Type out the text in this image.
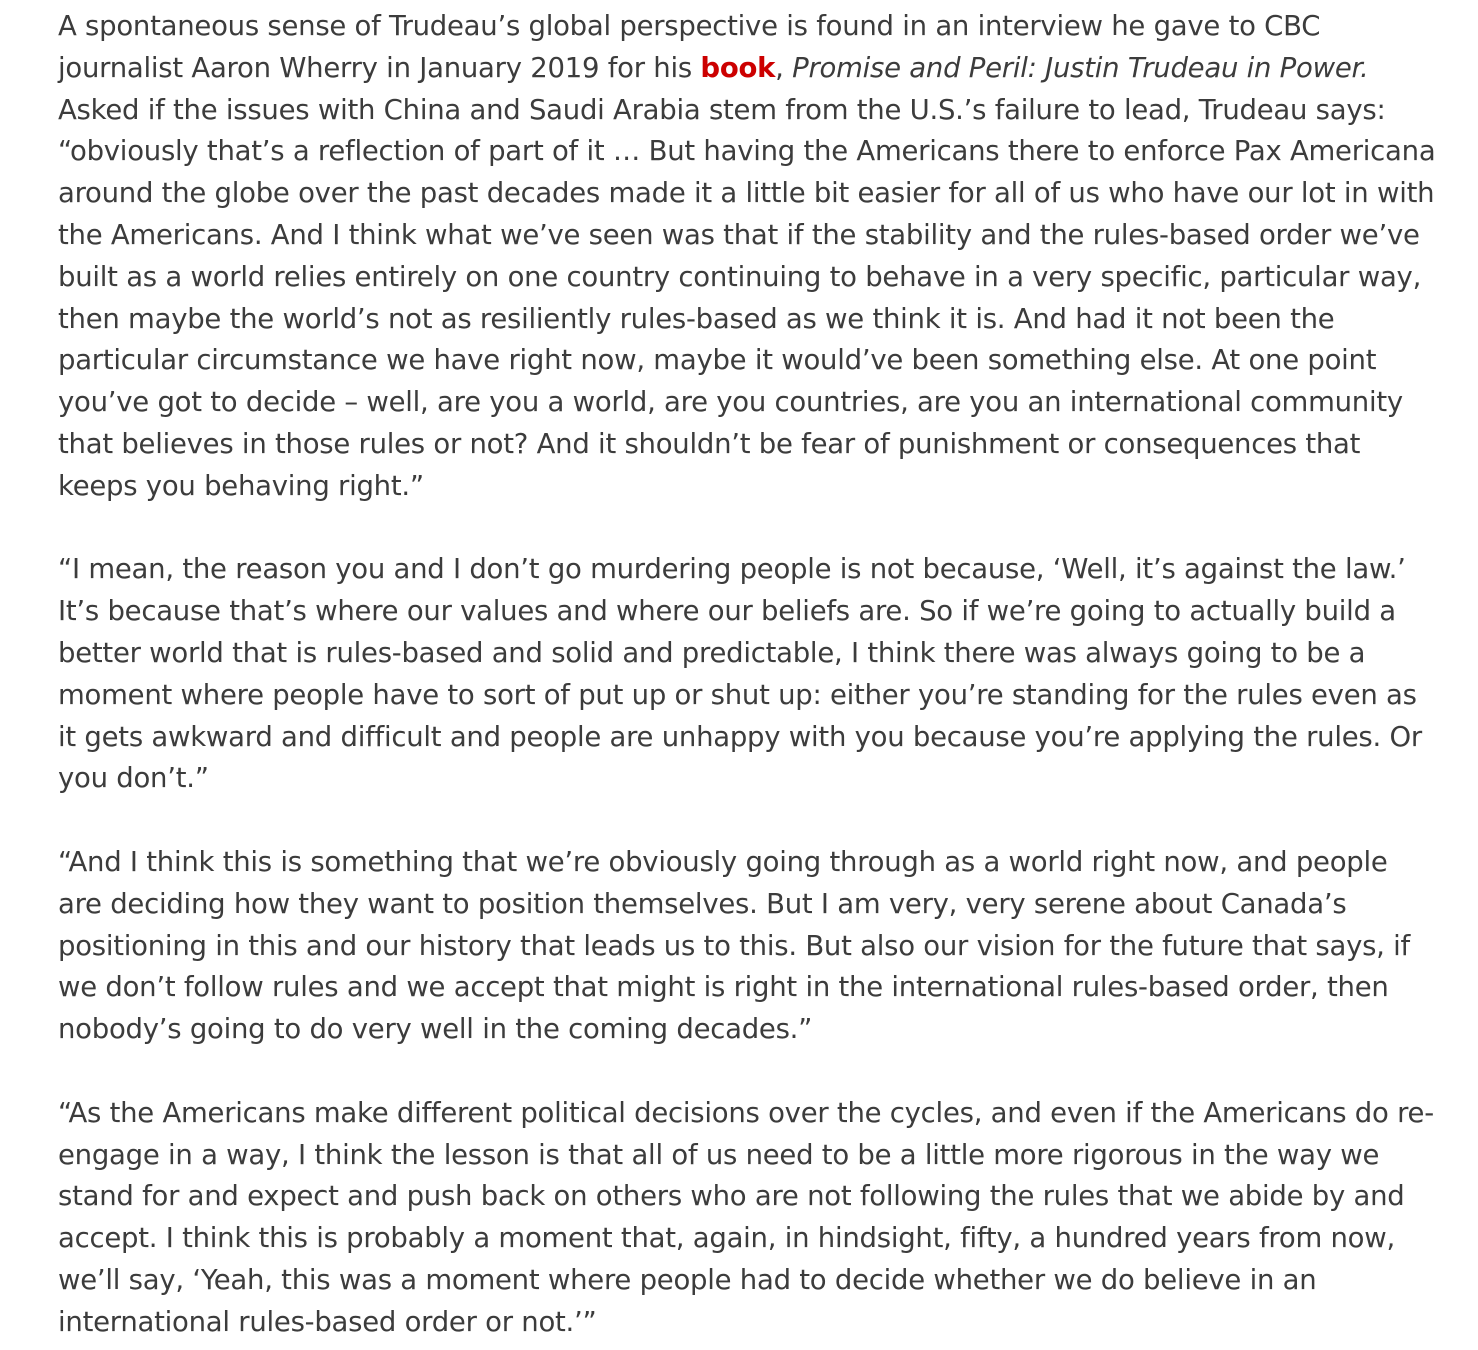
A spontaneous sense of Trudeau’s global perspective is found in an interview he gave to CBC journalist Aaron Wherry in January 2019 for his book, Promise and Peril: Justin Trudeau in Power. Asked if the issues with China and Saudi Arabia stem from the U.S.’s failure to lead, Trudeau says: “obviously that’s a reflection of part of it … But having the Americans there to enforce Pax Americana around the globe over the past decades made it a little bit easier for all of us who have our lot in with the Americans. And I think what we’ve seen was that if the stability and the rules-based order we’ve built as a world relies entirely on one country continuing to behave in a very specific, particular way, then maybe the world’s not as resiliently rules-based as we think it is. And had it not been the particular circumstance we have right now, maybe it would’ve been something else. At one point you’ve got to decide – well, are you a world, are you countries, are you an international community that believes in those rules or not? And it shouldn’t be fear of punishment or consequences that keeps you behaving right.”

“I mean, the reason you and I don’t go murdering people is not because, ‘Well, it’s against the law.’ It’s because that’s where our values and where our beliefs are. So if we’re going to actually build a better world that is rules-based and solid and predictable, I think there was always going to be a moment where people have to sort of put up or shut up: either you’re standing for the rules even as it gets awkward and difficult and people are unhappy with you because you’re applying the rules. Or you don’t.”

“And I think this is something that we’re obviously going through as a world right now, and people are deciding how they want to position themselves. But I am very, very serene about Canada’s positioning in this and our history that leads us to this. But also our vision for the future that says, if we don’t follow rules and we accept that might is right in the international rules-based order, then nobody’s going to do very well in the coming decades.”

“As the Americans make different political decisions over the cycles, and even if the Americans do re-engage in a way, I think the lesson is that all of us need to be a little more rigorous in the way we stand for and expect and push back on others who are not following the rules that we abide by and accept. I think this is probably a moment that, again, in hindsight, fifty, a hundred years from now, we’ll say, ‘Yeah, this was a moment where people had to decide whether we do believe in an international rules-based order or not.’”
